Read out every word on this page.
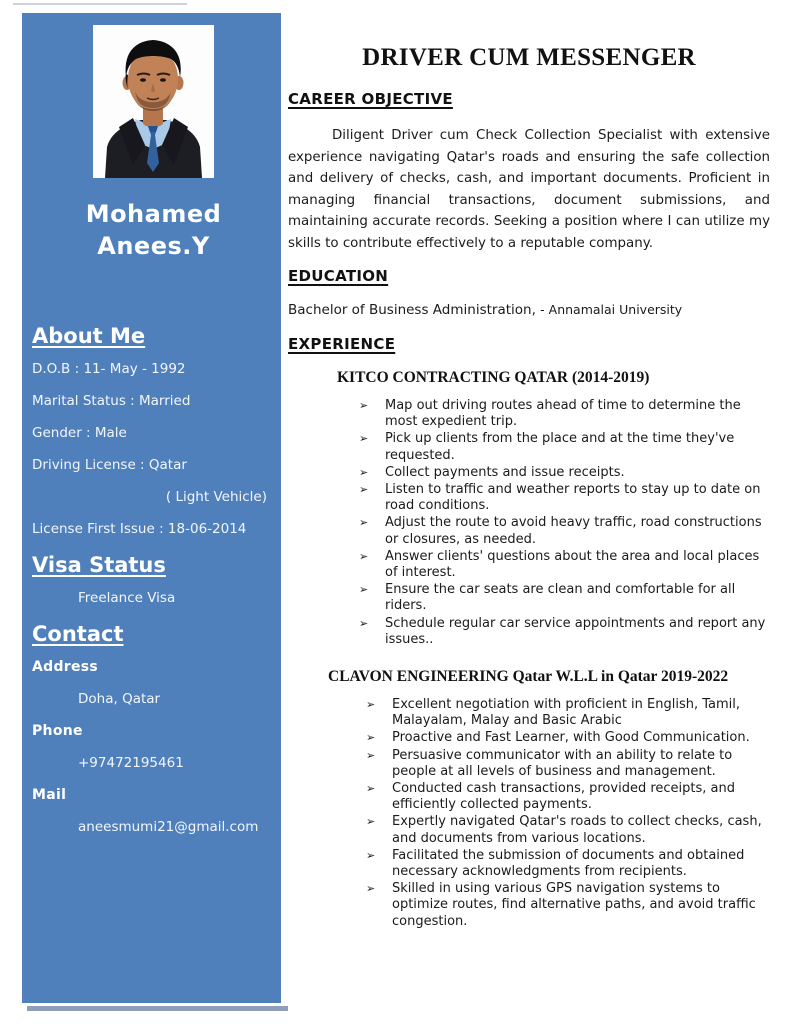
Mohamed
Anees.Y
About Me
D.O.B : 11- May - 1992
Marital Status : Married
Gender : Male
Driving License : Qatar
( Light Vehicle)
License First Issue : 18-06-2014
Visa Status
Freelance Visa
Contact
Address
Doha, Qatar
Phone
+97472195461
Mail
aneesmumi21@gmail.com
DRIVER CUM MESSENGER
CAREER OBJECTIVE

Diligent Driver cum Check Collection Specialist with extensive experience navigating Qatar's roads and ensuring the safe collection and delivery of checks, cash, and important documents. Proficient in managing financial transactions, document submissions, and maintaining accurate records. Seeking a position where I can utilize my skills to contribute effectively to a reputable company.

EDUCATION

Bachelor of Business Administration, - Annamalai University

EXPERIENCE
KITCO CONTRACTING QATAR (2014-2019)
➢	Map out driving routes ahead of time to determine the most expedient trip.
➢	Pick up clients from the place and at the time they've requested.
➢	Collect payments and issue receipts.
➢	Listen to traffic and weather reports to stay up to date on road conditions.
➢	Adjust the route to avoid heavy traffic, road constructions or closures, as needed.
➢	Answer clients' questions about the area and local places of interest.
➢	Ensure the car seats are clean and comfortable for all riders.
➢	Schedule regular car service appointments and report any issues..
CLAVON ENGINEERING Qatar W.L.L in Qatar 2019-2022
➢	Excellent negotiation with proficient in English, Tamil, Malayalam, Malay and Basic Arabic
➢	Proactive and Fast Learner, with Good Communication.
➢	Persuasive communicator with an ability to relate to people at all levels of business and management.
➢	Conducted cash transactions, provided receipts, and efficiently collected payments.
➢	Expertly navigated Qatar's roads to collect checks, cash, and documents from various locations.
➢	Facilitated the submission of documents and obtained necessary acknowledgments from recipients.
➢	Skilled in using various GPS navigation systems to optimize routes, find alternative paths, and avoid traffic congestion.
